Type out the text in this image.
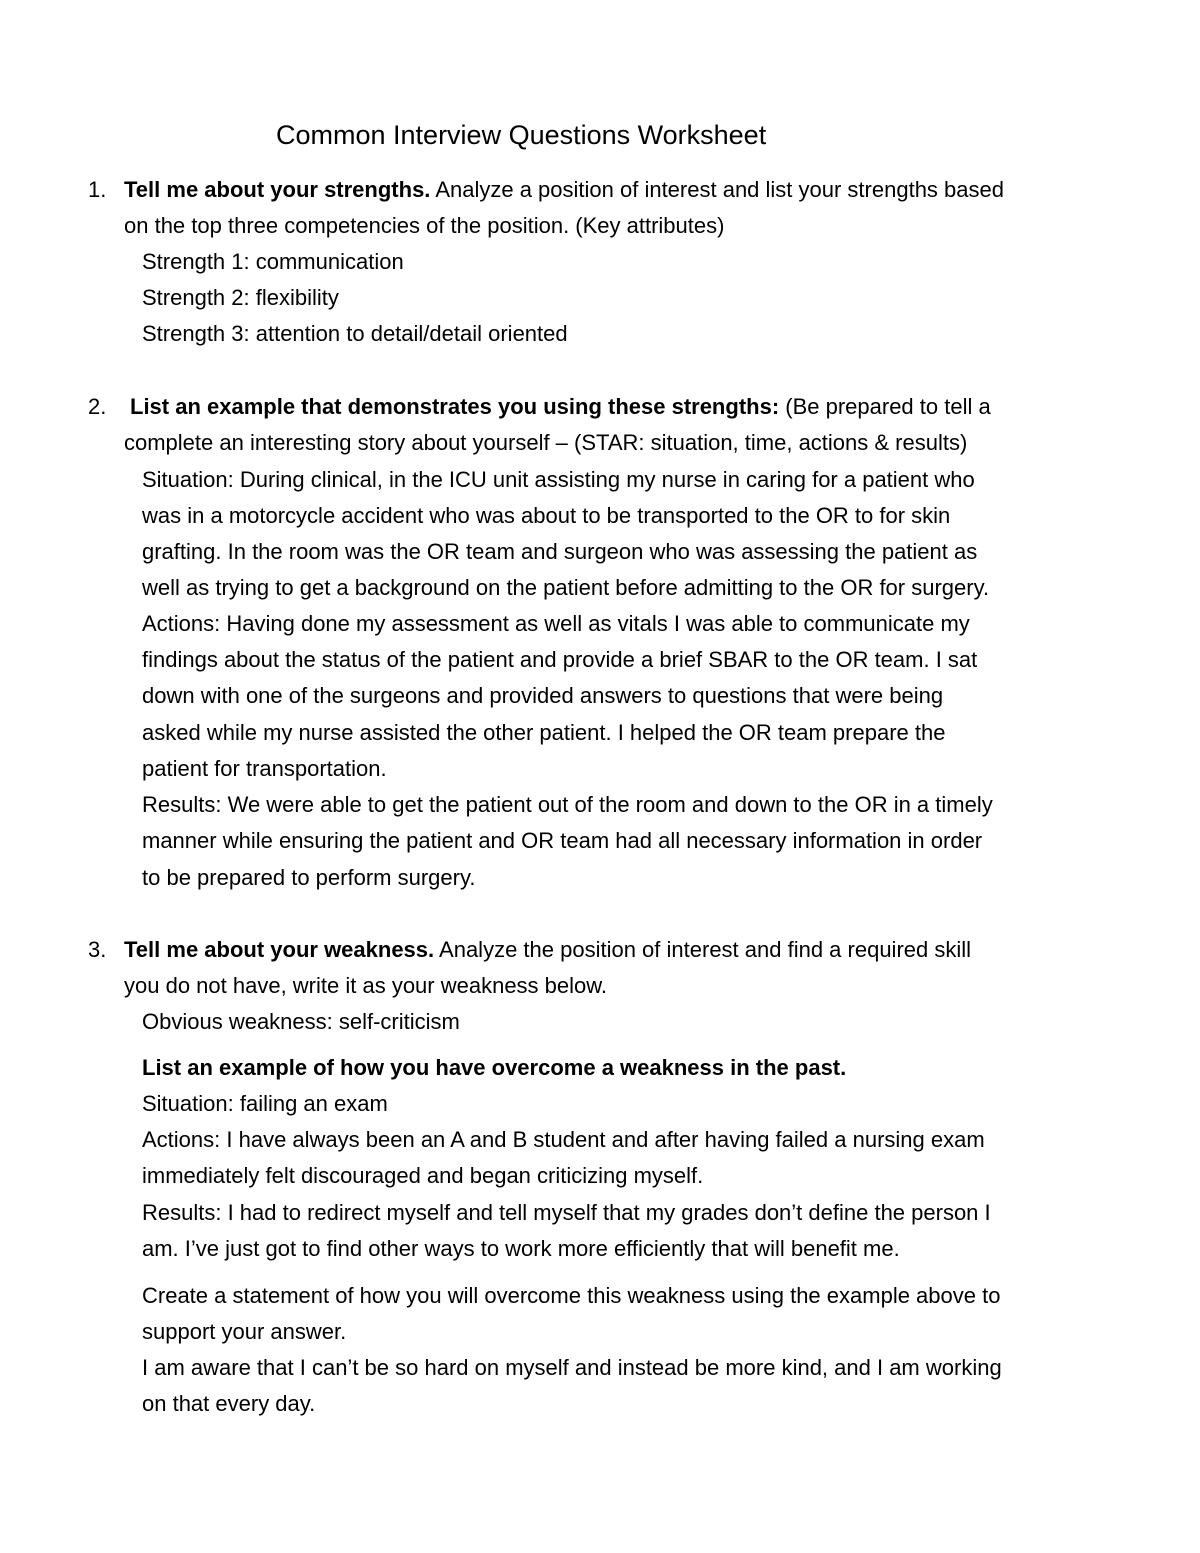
Common Interview Questions Worksheet
1. Tell me about your strengths. Analyze a position of interest and list your strengths based
on the top three competencies of the position. (Key attributes)
Strength 1: communication
Strength 2: flexibility
Strength 3: attention to detail/detail oriented
2. List an example that demonstrates you using these strengths: (Be prepared to tell a
complete an interesting story about yourself – (STAR: situation, time, actions & results)
Situation: During clinical, in the ICU unit assisting my nurse in caring for a patient who
was in a motorcycle accident who was about to be transported to the OR to for skin
grafting. In the room was the OR team and surgeon who was assessing the patient as
well as trying to get a background on the patient before admitting to the OR for surgery.
Actions: Having done my assessment as well as vitals I was able to communicate my
findings about the status of the patient and provide a brief SBAR to the OR team. I sat
down with one of the surgeons and provided answers to questions that were being
asked while my nurse assisted the other patient. I helped the OR team prepare the
patient for transportation.
Results: We were able to get the patient out of the room and down to the OR in a timely
manner while ensuring the patient and OR team had all necessary information in order
to be prepared to perform surgery.
3. Tell me about your weakness. Analyze the position of interest and find a required skill
you do not have, write it as your weakness below.
Obvious weakness: self-criticism
List an example of how you have overcome a weakness in the past.
Situation: failing an exam
Actions: I have always been an A and B student and after having failed a nursing exam
immediately felt discouraged and began criticizing myself.
Results: I had to redirect myself and tell myself that my grades don’t define the person I
am. I’ve just got to find other ways to work more efficiently that will benefit me.
Create a statement of how you will overcome this weakness using the example above to
support your answer.
I am aware that I can’t be so hard on myself and instead be more kind, and I am working
on that every day.
